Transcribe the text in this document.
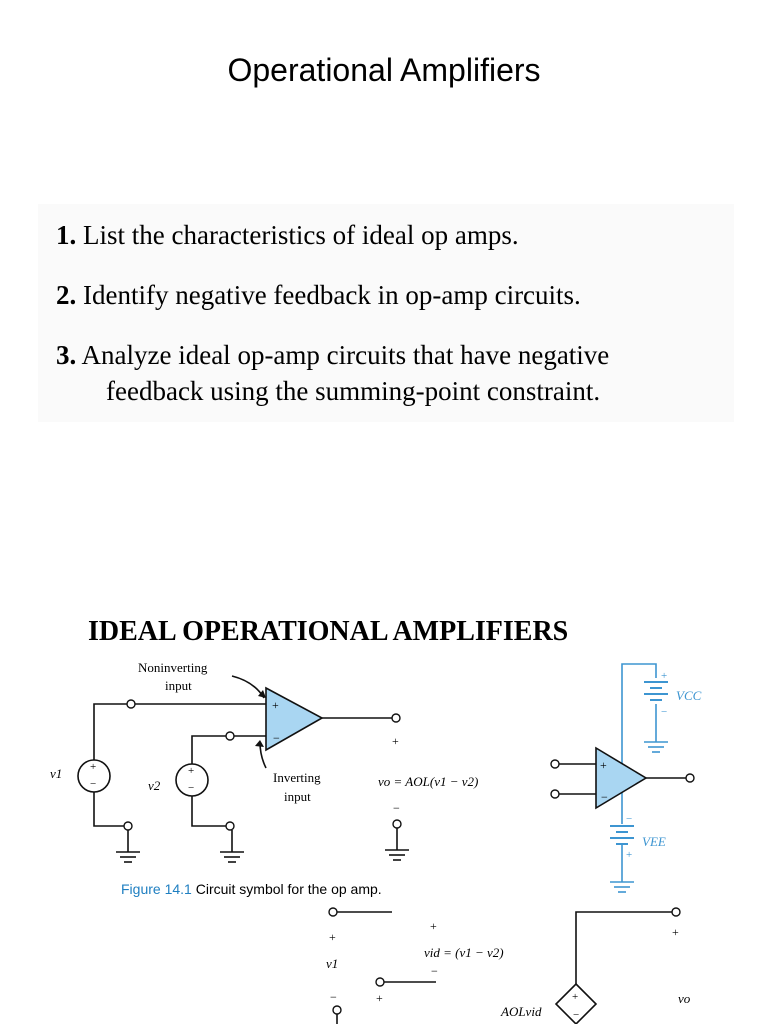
Operational Amplifiers
1. List the characteristics of ideal op amps.
2. Identify negative feedback in op-amp circuits.
3. Analyze ideal op-amp circuits that have negative
feedback using the summing-point constraint.
IDEAL OPERATIONAL AMPLIFIERS
+
−
+
−
+
−	+
−
Noninverting
input
Inverting
input
v1
v2	vo = AOL(v1 − v2)
+
−
−
+
VCC
VEE
+
−
+
−
+
−
+
−
+
+
v1
vid = (v1 − v2)
AOLvid
vo
Figure 14.1 Circuit symbol for the op amp.
